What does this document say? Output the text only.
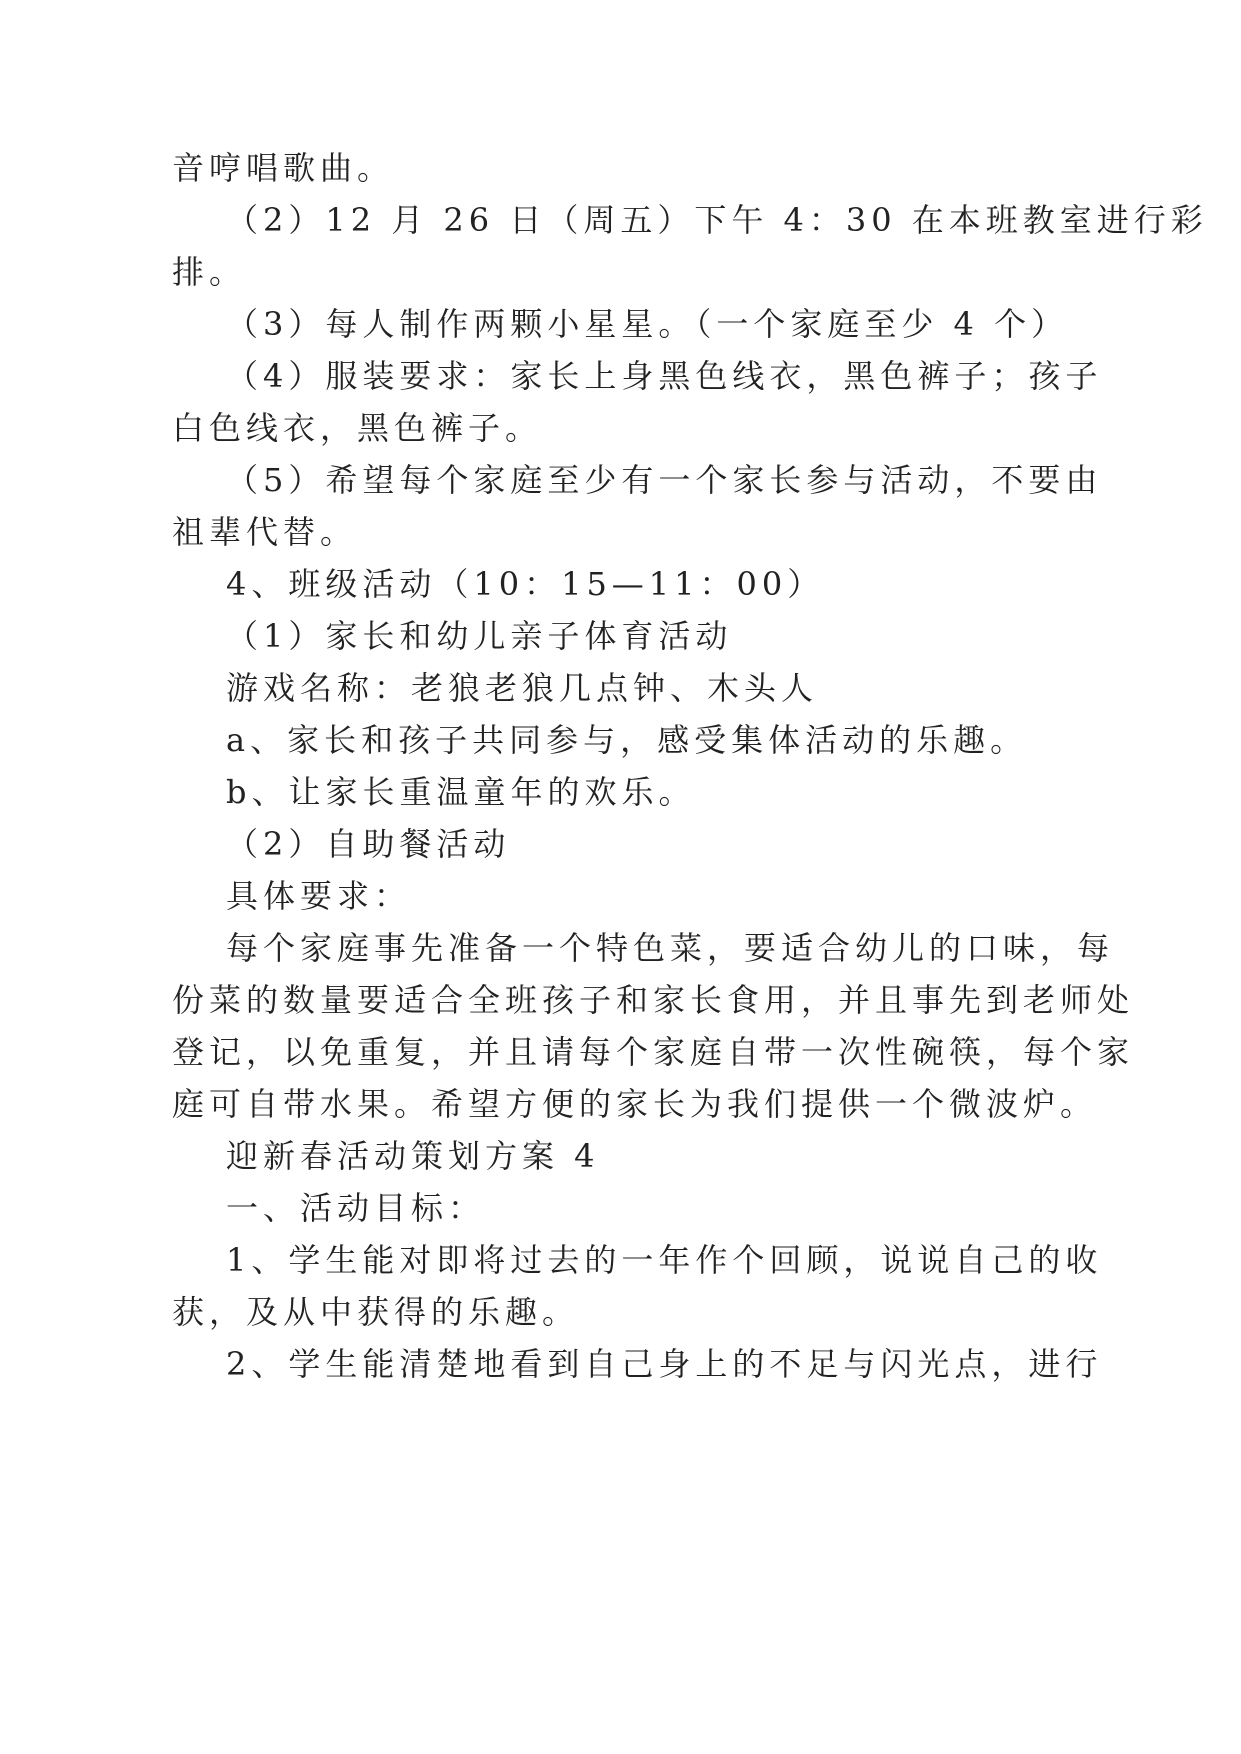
音哼唱歌曲。
（2）12 月 26 日（周五）下午 4：30 在本班教室进行彩
排。
（3）每人制作两颗小星星。（一个家庭至少 4 个）
（4）服装要求：家长上身黑色线衣，黑色裤子；孩子
白色线衣，黑色裤子。
（5）希望每个家庭至少有一个家长参与活动，不要由
祖辈代替。
4、班级活动（10：15—11：00）
（1）家长和幼儿亲子体育活动
游戏名称：老狼老狼几点钟、木头人
a、家长和孩子共同参与，感受集体活动的乐趣。
b、让家长重温童年的欢乐。
（2）自助餐活动
具体要求：
每个家庭事先准备一个特色菜，要适合幼儿的口味，每
份菜的数量要适合全班孩子和家长食用，并且事先到老师处
登记，以免重复，并且请每个家庭自带一次性碗筷，每个家
庭可自带水果。希望方便的家长为我们提供一个微波炉。
迎新春活动策划方案 4
一、活动目标：
1、学生能对即将过去的一年作个回顾，说说自己的收
获，及从中获得的乐趣。
2、学生能清楚地看到自己身上的不足与闪光点，进行
